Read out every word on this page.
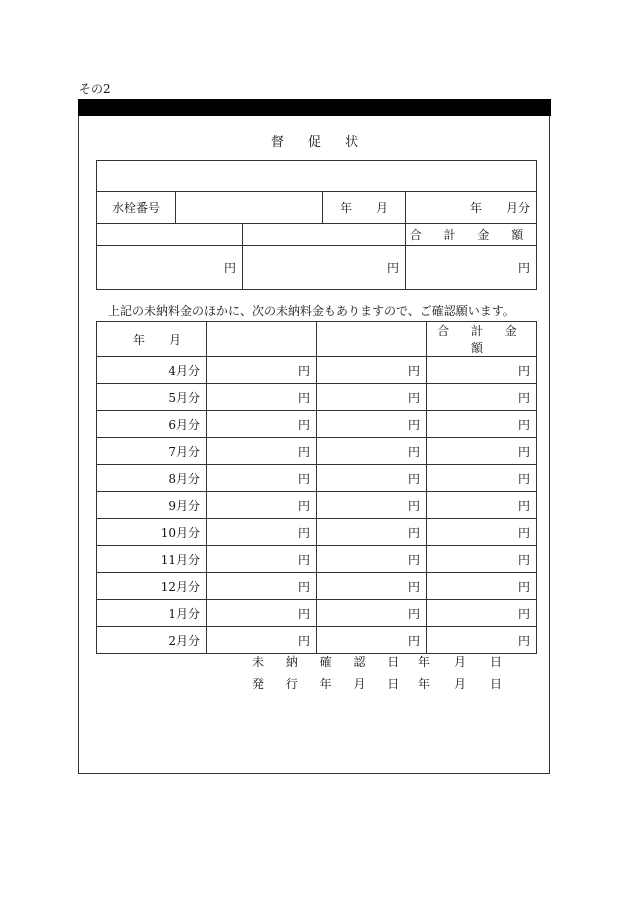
その2
督 促 状

水栓番号			年　　月	年　　月分
				合 計 金 額
円		円		円
上記の未納料金のほかに、次の未納料金もありますので、ご確認願います。
年　月			合 計 金 額
4月分	円	円	円
5月分	円	円	円
6月分	円	円	円
7月分	円	円	円
8月分	円	円	円
9月分	円	円	円
10月分	円	円	円
11月分	円	円	円
12月分	円	円	円
1月分	円	円	円
2月分	円	円	円
未 納 確 認 日 年　　月　　日
発 行 年 月 日 年　　月　　日
